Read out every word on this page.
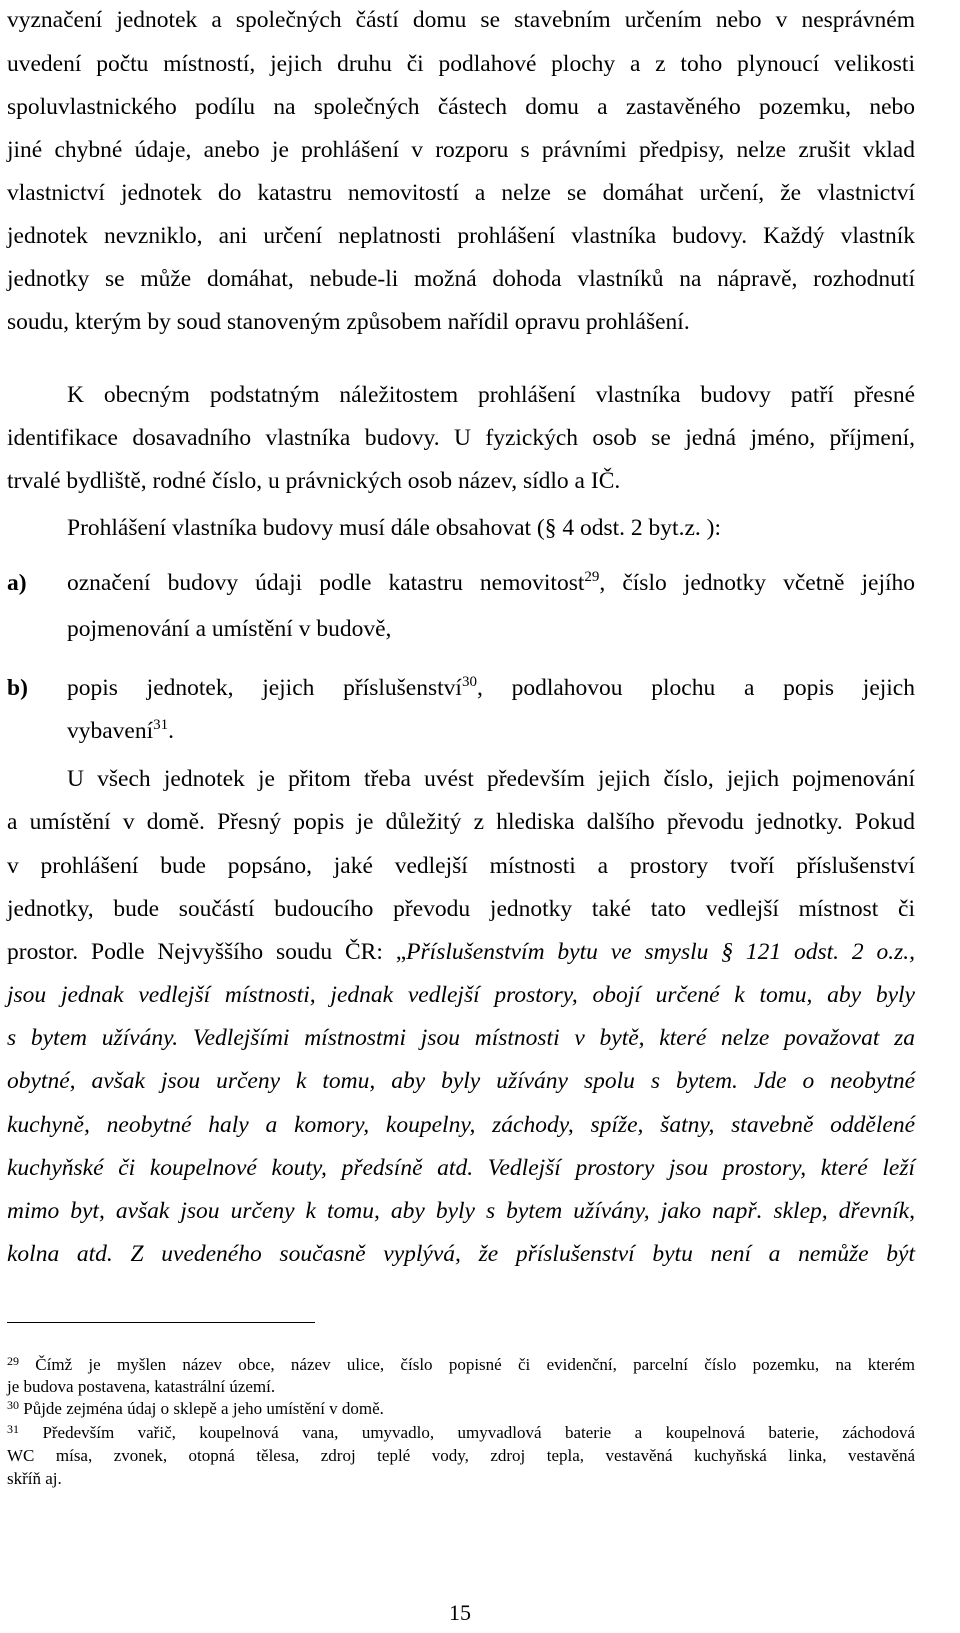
vyznačení jednotek a společných částí domu se stavebním určením nebo v nesprávném
uvedení počtu místností, jejich druhu či podlahové plochy a z toho plynoucí velikosti
spoluvlastnického podílu na společných částech domu a zastavěného pozemku, nebo
jiné chybné údaje, anebo je prohlášení v rozporu s právními předpisy, nelze zrušit vklad
vlastnictví jednotek do katastru nemovitostí a nelze se domáhat určení, že vlastnictví
jednotek nevzniklo, ani určení neplatnosti prohlášení vlastníka budovy. Každý vlastník
jednotky se může domáhat, nebude-li možná dohoda vlastníků na nápravě, rozhodnutí
soudu, kterým by soud stanoveným způsobem nařídil opravu prohlášení.
K obecným podstatným náležitostem prohlášení vlastníka budovy patří přesné
identifikace dosavadního vlastníka budovy. U fyzických osob se jedná jméno, příjmení,
trvalé bydliště, rodné číslo, u právnických osob název, sídlo a IČ.
Prohlášení vlastníka budovy musí dále obsahovat (§ 4 odst. 2 byt.z. ):
a) označení budovy údaji podle katastru nemovitost$^{29}$, číslo jednotky včetně jejího
pojmenování a umístění v budově,
b) popis jednotek, jejich příslušenství$^{30}$, podlahovou plochu a popis jejich
vybavení$^{31}$.
U všech jednotek je přitom třeba uvést především jejich číslo, jejich pojmenování
a umístění v domě. Přesný popis je důležitý z hlediska dalšího převodu jednotky. Pokud
v prohlášení bude popsáno, jaké vedlejší místnosti a prostory tvoří příslušenství
jednotky, bude součástí budoucího převodu jednotky také tato vedlejší místnost či
prostor. Podle Nejvyššího soudu ČR: „Příslušenstvím bytu ve smyslu § 121 odst. 2 o.z.,
jsou jednak vedlejší místnosti, jednak vedlejší prostory, obojí určené k tomu, aby byly
s bytem užívány. Vedlejšími místnostmi jsou místnosti v bytě, které nelze považovat za
obytné, avšak jsou určeny k tomu, aby byly užívány spolu s bytem. Jde o neobytné
kuchyně, neobytné haly a komory, koupelny, záchody, spíže, šatny, stavebně oddělené
kuchyňské či koupelnové kouty, předsíně atd. Vedlejší prostory jsou prostory, které leží
mimo byt, avšak jsou určeny k tomu, aby byly s bytem užívány, jako např. sklep, dřevník,
kolna atd. Z uvedeného současně vyplývá, že příslušenství bytu není a nemůže být
$^{29}$ Čímž je myšlen název obce, název ulice, číslo popisné či evidenční, parcelní číslo pozemku, na kterém
je budova postavena, katastrální území.
$^{30}$ Půjde zejména údaj o sklepě a jeho umístění v domě.
$^{31}$ Především vařič, koupelnová vana, umyvadlo, umyvadlová baterie a koupelnová baterie, záchodová
WC mísa, zvonek, otopná tělesa, zdroj teplé vody, zdroj tepla, vestavěná kuchyňská linka, vestavěná
skříň aj.
15
